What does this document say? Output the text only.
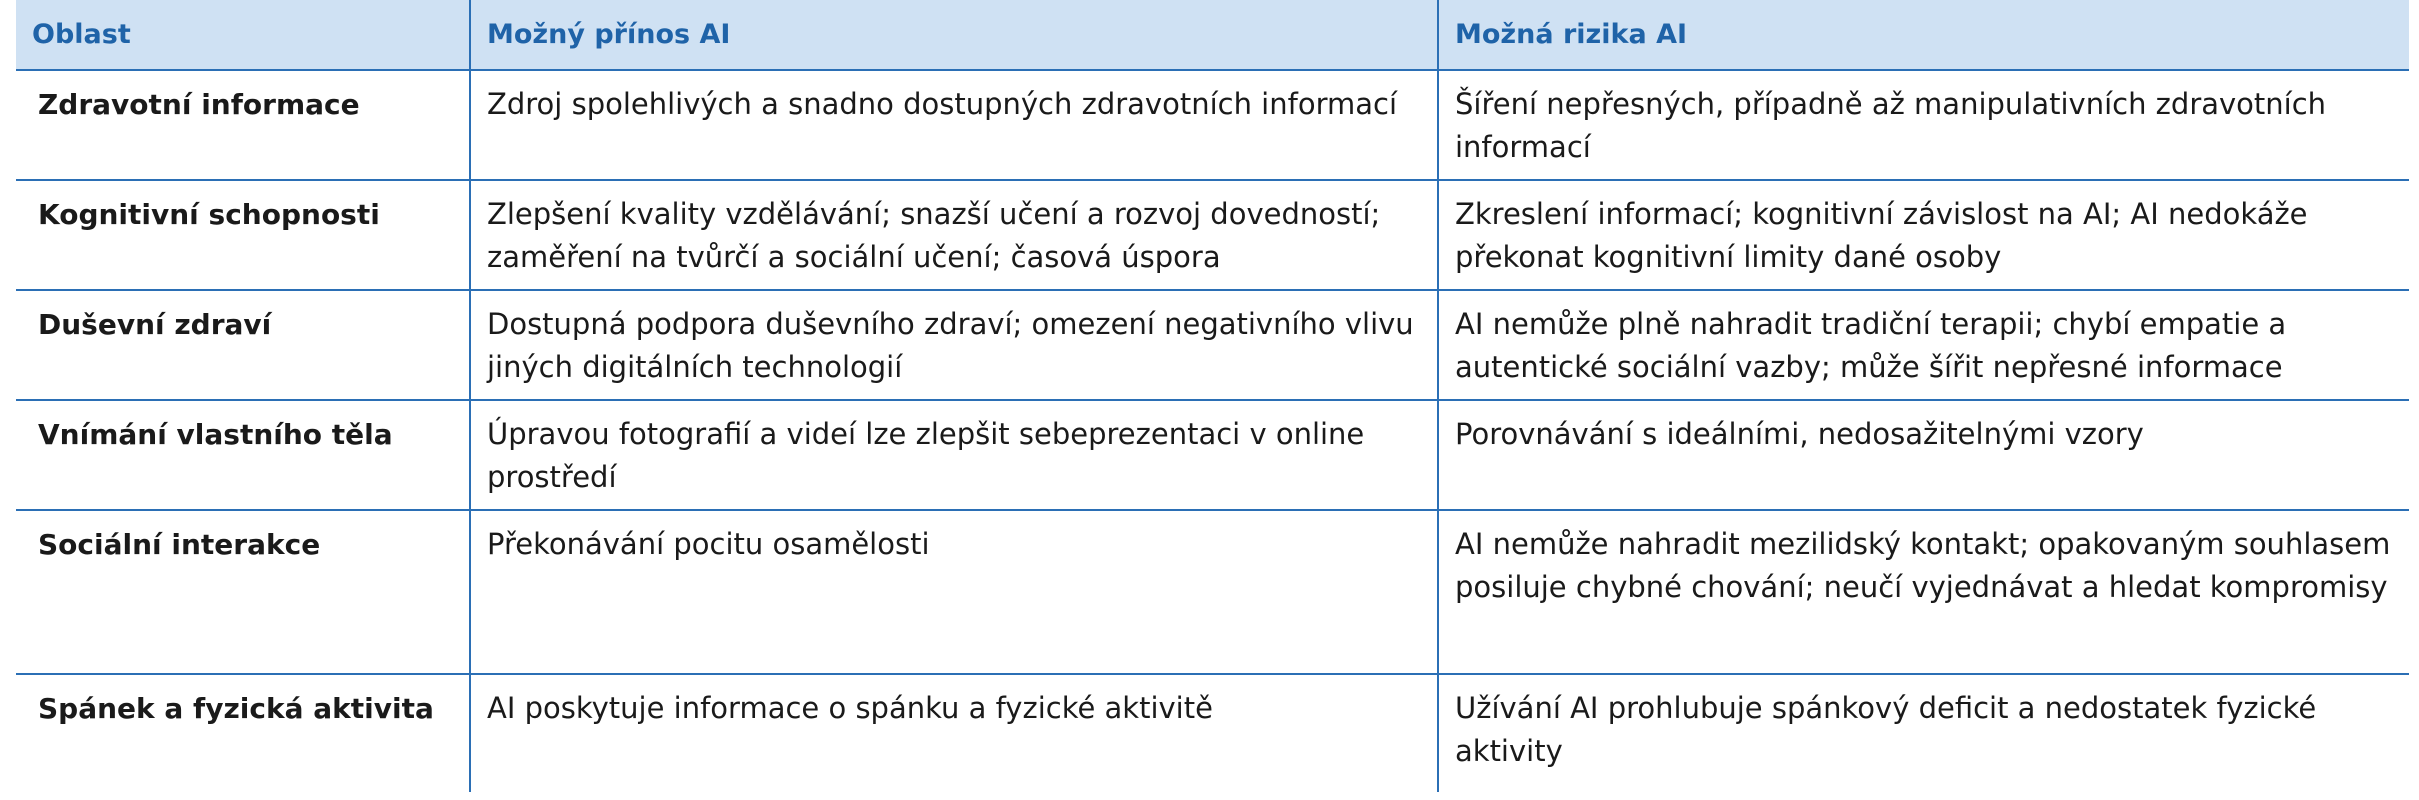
Oblast	Možný přínos AI	Možná rizika AI
Zdravotní informace	Zdroj spolehlivých a snadno dostupných zdravotních informací	Šíření nepřesných, případně až manipulativních zdravotních informací
Kognitivní schopnosti	Zlepšení kvality vzdělávání; snazší učení a rozvoj dovedností; zaměření na tvůrčí a sociální učení; časová úspora	Zkreslení informací; kognitivní závislost na AI; AI nedokáže překonat kognitivní limity dané osoby
Duševní zdraví	Dostupná podpora duševního zdraví; omezení negativního vlivu jiných digitálních technologií	AI nemůže plně nahradit tradiční terapii; chybí empatie a autentické sociální vazby; může šířit nepřesné informace
Vnímání vlastního těla	Úpravou fotografií a videí lze zlepšit sebeprezentaci v online prostředí	Porovnávání s ideálními, nedosažitelnými vzory
Sociální interakce	Překonávání pocitu osamělosti	AI nemůže nahradit mezilidský kontakt; opakovaným souhlasem posiluje chybné chování; neučí vyjednávat a hledat kompromisy
Spánek a fyzická aktivita	AI poskytuje informace o spánku a fyzické aktivitě	Užívání AI prohlubuje spánkový deficit a nedostatek fyzické aktivity
